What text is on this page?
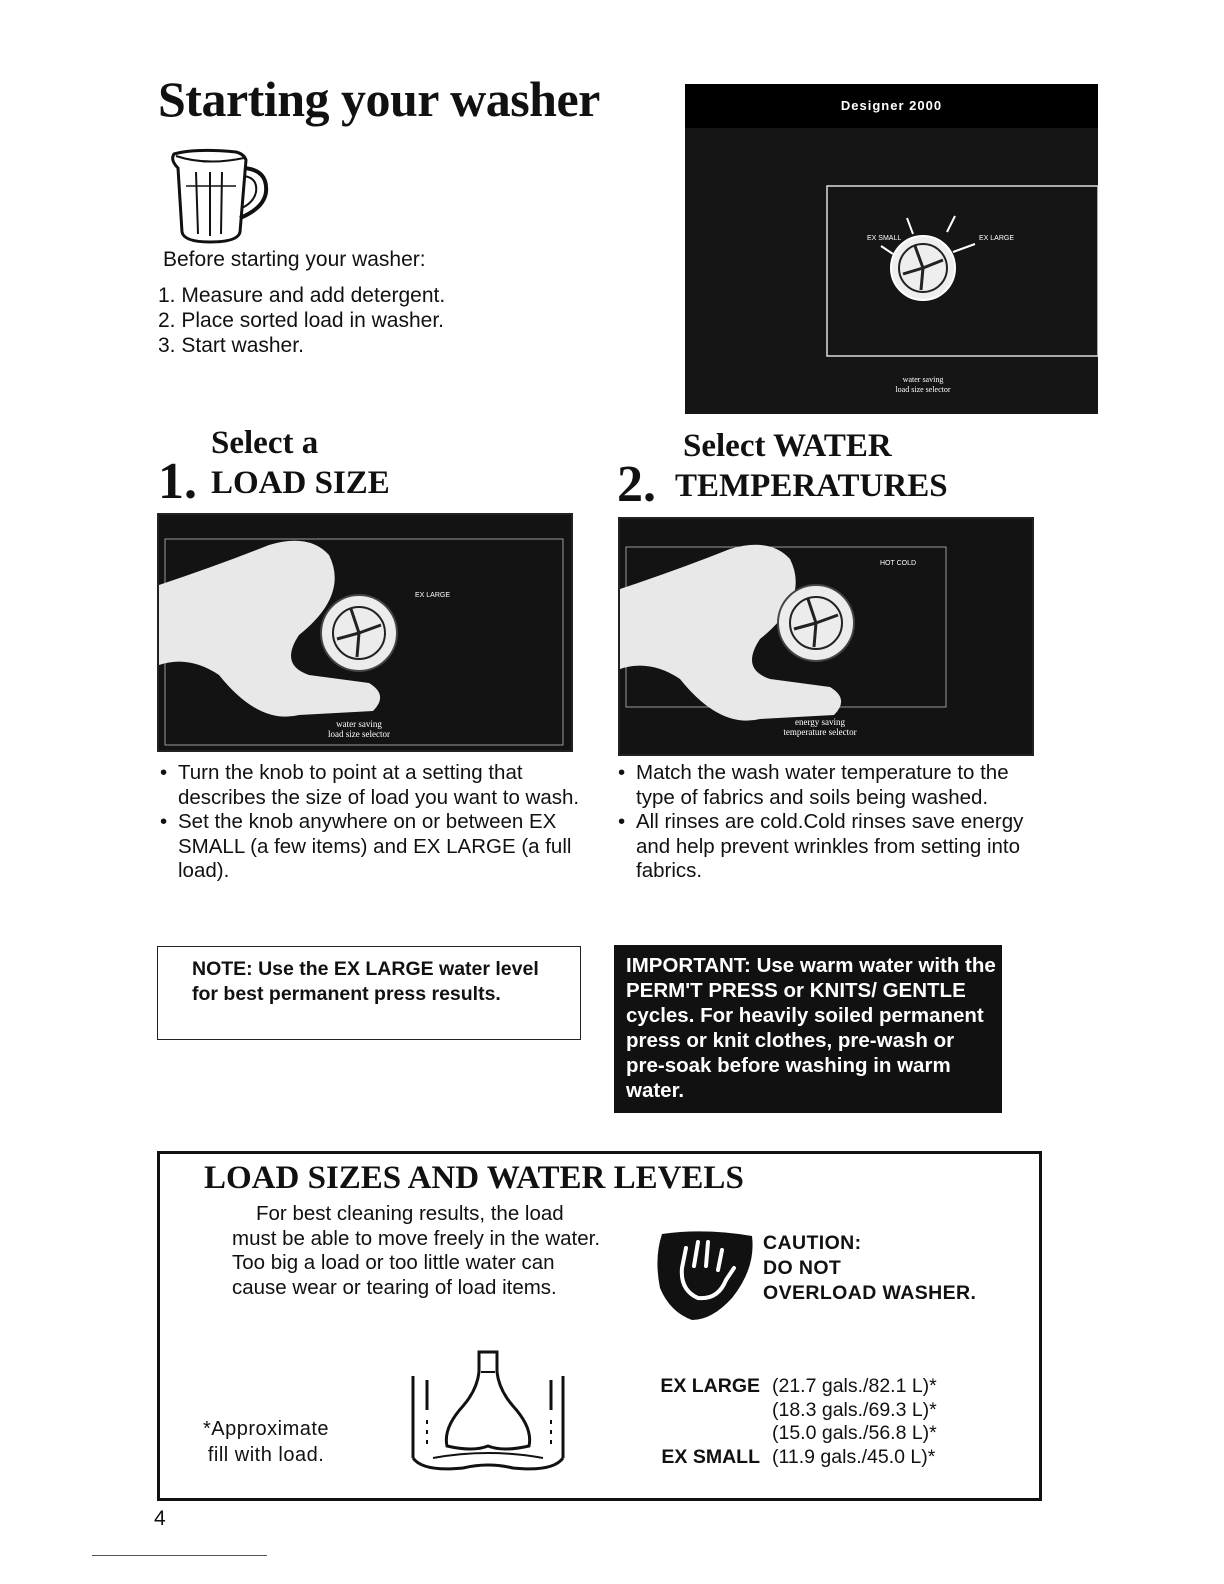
Starting your washer
Before starting your washer:
1. Measure and add detergent.
2. Place sorted load in washer.
3. Start washer.
Designer 2000
EX SMALL	EX LARGE
water saving
load size selector
Select a
1. LOAD SIZE
Select WATER
2. TEMPERATURES
EX LARGE
water saving
load size selector
HOT COLD
energy saving
temperature selector
• Turn the knob to point at a setting that describes the size of load you want to wash.
• Set the knob anywhere on or between EX SMALL (a few items) and EX LARGE (a full load).
• Match the wash water temperature to the type of fabrics and soils being washed.
• All rinses are cold.Cold rinses save energy and help prevent wrinkles from setting into fabrics.
NOTE: Use the EX LARGE water level for best permanent press results.
IMPORTANT: Use warm water with the PERM'T PRESS or KNITS/ GENTLE cycles. For heavily soiled permanent press or knit clothes, pre-wash or pre-soak before washing in warm water.
LOAD SIZES AND WATER LEVELS
For best cleaning results, the load must be able to move freely in the water. Too big a load or too little water can cause wear or tearing of load items.
CAUTION:
DO NOT
OVERLOAD WASHER.
*Approximate
fill with load.
EX LARGE (21.7 gals./82.1 L)*
(18.3 gals./69.3 L)*
(15.0 gals./56.8 L)*
EX SMALL (11.9 gals./45.0 L)*
4
